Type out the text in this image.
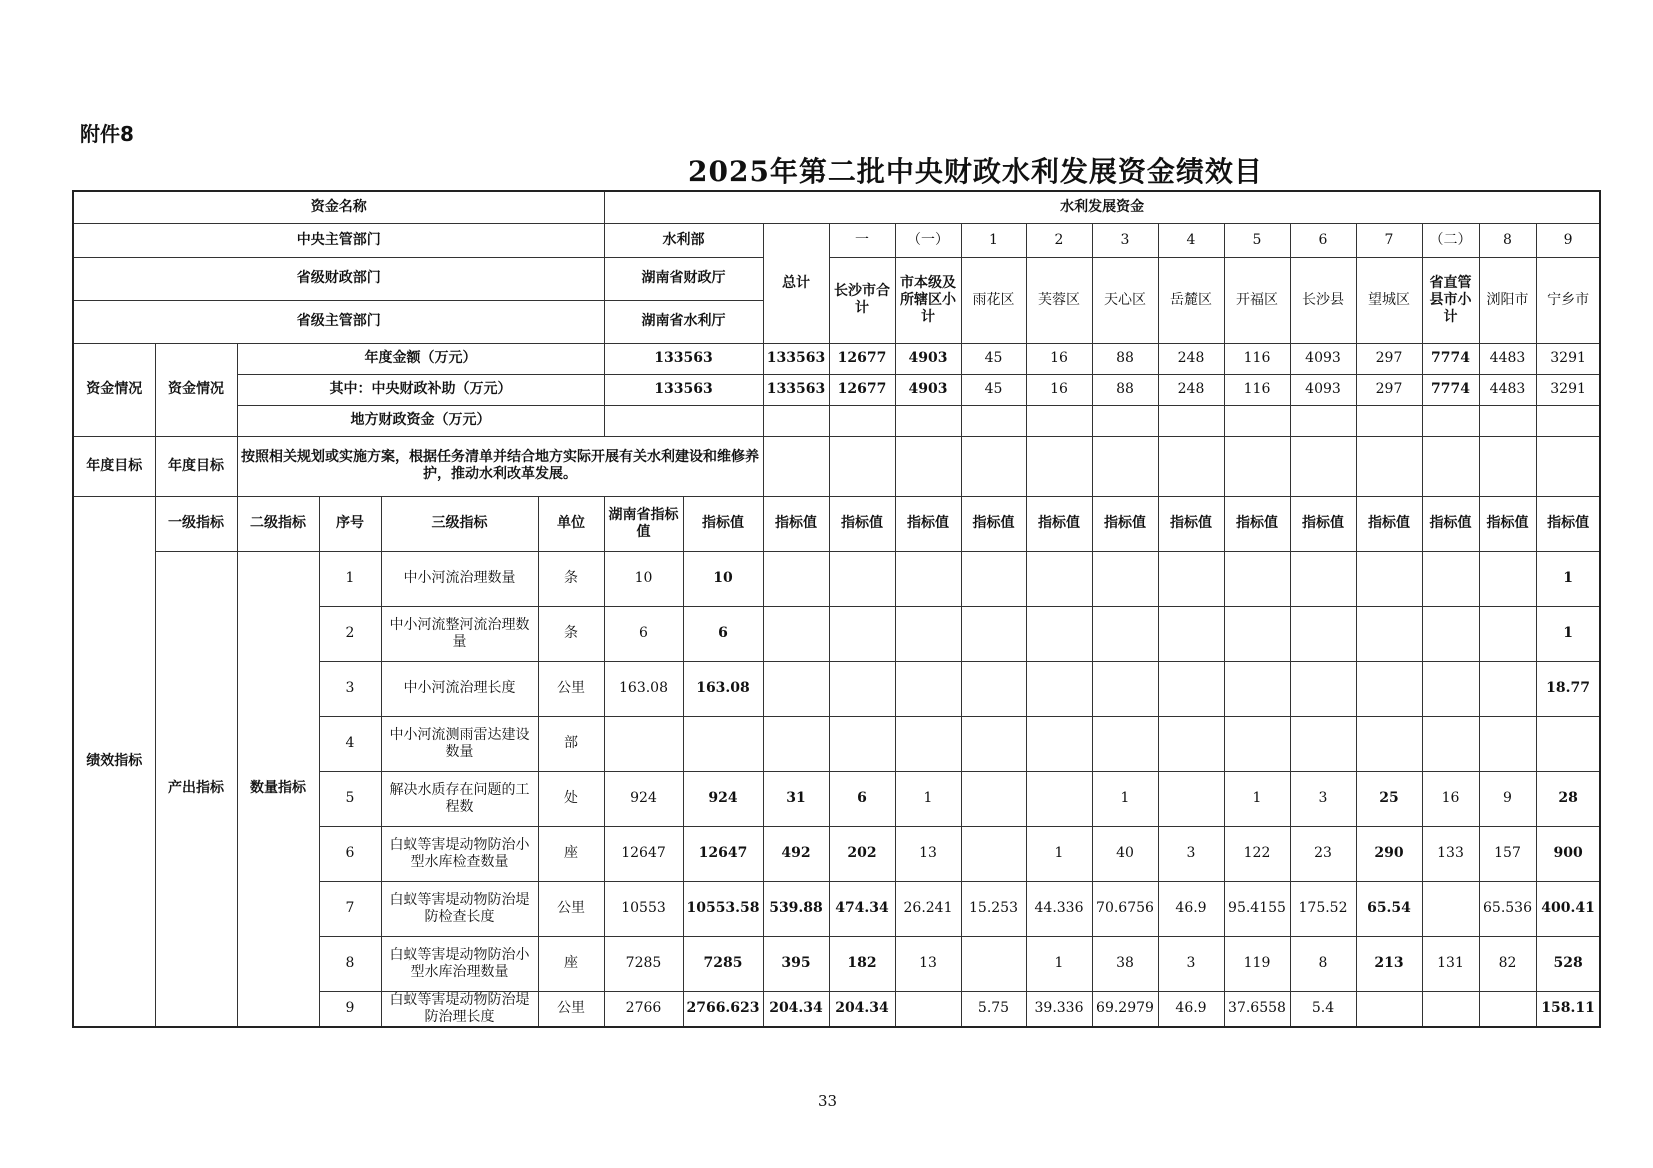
附件8
2025年第二批中央财政水利发展资金绩效目
资金名称						水利发展资金															
中央主管部门						水利部		总计	一	（一）	1	2	3	4	5	6	7	（二）	8	9	
省级财政部门						湖南省财政厅			长沙市合计	市本级及所辖区小计	雨花区	芙蓉区	天心区	岳麓区	开福区	长沙县	望城区	省直管县市小计	浏阳市	宁乡市	
省级主管部门						湖南省水利厅															
资金情况	资金情况	年度金额（万元）				133563		133563	12677	4903	45	16	88	248	116	4093	297	7774	4483	3291	
		其中：中央财政补助（万元）				133563		133563	12677	4903	45	16	88	248	116	4093	297	7774	4483	3291	
		地方财政资金（万元）																			
年度目标	年度目标	按照相关规划或实施方案，根据任务清单并结合地方实际开展有关水利建设和维修养护，推动水利改革发展。																			
绩效指标	一级指标	二级指标	序号	三级指标	单位	湖南省指标值	指标值	指标值	指标值	指标值	指标值	指标值	指标值	指标值	指标值	指标值	指标值	指标值	指标值	指标值	
	产出指标	数量指标	1	中小河流治理数量	条	10	10													1	
			2	中小河流整河流治理数量	条	6	6													1	
			3	中小河流治理长度	公里	163.08	163.08													18.77	
			4	中小河流测雨雷达建设数量	部																
			5	解决水质存在问题的工程数	处	924	924	31	6	1			1		1	3	25	16	9	28	
			6	白蚁等害堤动物防治小型水库检查数量	座	12647	12647	492	202	13		1	40	3	122	23	290	133	157	900	
			7	白蚁等害堤动物防治堤防检查长度	公里	10553	10553.58	539.88	474.34	26.241	15.253	44.336	70.6756	46.9	95.4155	175.52	65.54		65.536	400.41	
			8	白蚁等害堤动物防治小型水库治理数量	座	7285	7285	395	182	13		1	38	3	119	8	213	131	82	528	
			9	白蚁等害堤动物防治堤防治理长度	公里	2766	2766.623	204.34	204.34		5.75	39.336	69.2979	46.9	37.6558	5.4				158.11	
33
